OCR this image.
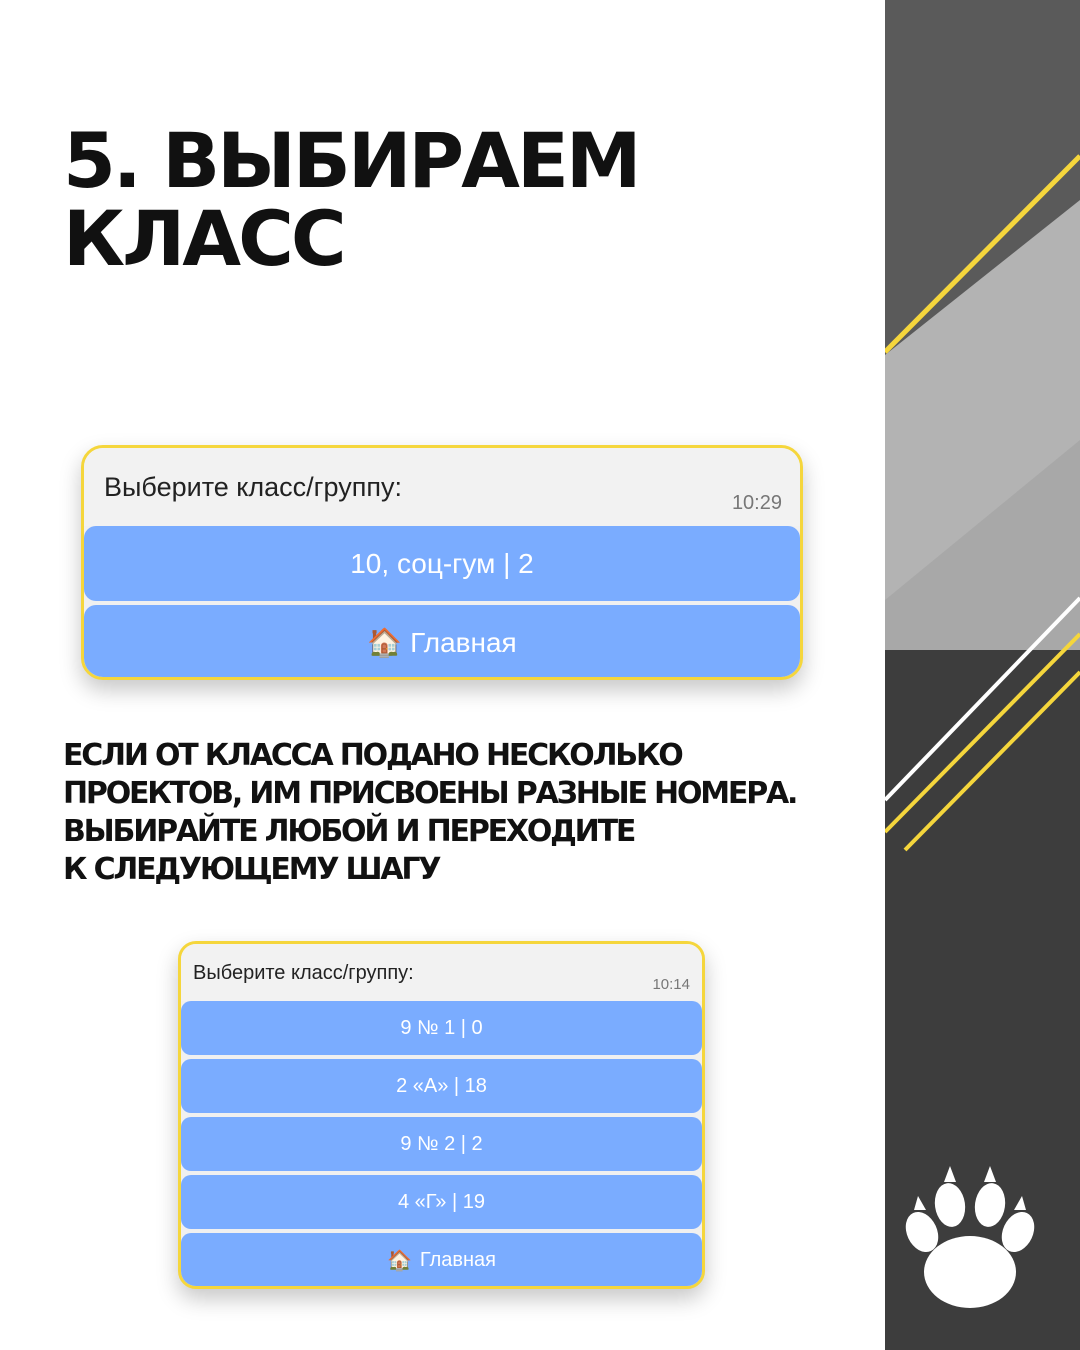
5. ВЫБИРАЕМ
КЛАСС
Выберите класс/группу:
10:29
10, соц-гум | 2
🏠 Главная

ЕСЛИ ОТ КЛАССА ПОДАНО НЕСКОЛЬКО
ПРОЕКТОВ, ИМ ПРИСВОЕНЫ РАЗНЫЕ НОМЕРА.
ВЫБИРАЙТЕ ЛЮБОЙ И ПЕРЕХОДИТЕ
К СЛЕДУЮЩЕМУ ШАГУ

Выберите класс/группу:
10:14
9 № 1 | 0
2 «А» | 18
9 № 2 | 2
4 «Г» | 19
🏠 Главная
